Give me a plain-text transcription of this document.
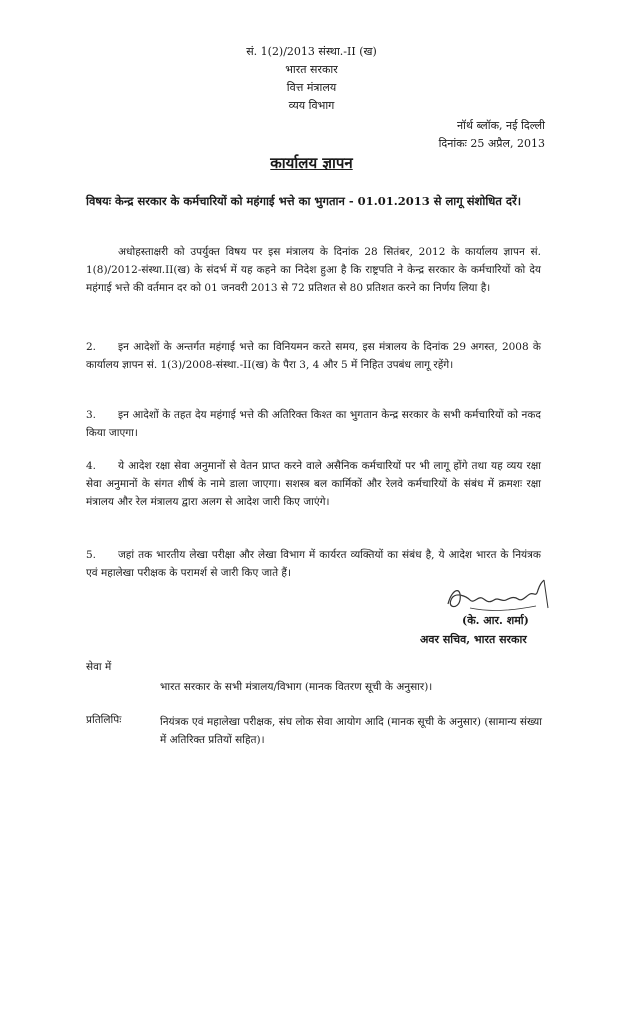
सं. 1(2)/2013 संस्था.-II (ख)
भारत सरकार
वित्त मंत्रालय
व्यय विभाग
नॉर्थ ब्लॉक, नई दिल्ली
दिनांकः 25 अप्रैल, 2013
कार्यालय ज्ञापन
विषयः केन्द्र सरकार के कर्मचारियों को महंगाई भत्ते का भुगतान - 01.01.2013 से लागू संशोधित दरें।
अधोहस्ताक्षरी को उपर्युक्त विषय पर इस मंत्रालय के दिनांक 28 सितंबर, 2012 के कार्यालय ज्ञापन सं. 1(8)/2012-संस्था.II(ख) के संदर्भ में यह कहने का निदेश हुआ है कि राष्ट्रपति ने केन्द्र सरकार के कर्मचारियों को देय महंगाई भत्ते की वर्तमान दर को 01 जनवरी 2013 से 72 प्रतिशत से 80 प्रतिशत करने का निर्णय लिया है।
2. इन आदेशों के अन्तर्गत महंगाई भत्ते का विनियमन करते समय, इस मंत्रालय के दिनांक 29 अगस्त, 2008 के कार्यालय ज्ञापन सं. 1(3)/2008-संस्था.-II(ख) के पैरा 3, 4 और 5 में निहित उपबंध लागू रहेंगे।
3. इन आदेशों के तहत देय महंगाई भत्ते की अतिरिक्त किश्त का भुगतान केन्द्र सरकार के सभी कर्मचारियों को नकद किया जाएगा।
4. ये आदेश रक्षा सेवा अनुमानों से वेतन प्राप्त करने वाले असैनिक कर्मचारियों पर भी लागू होंगे तथा यह व्यय रक्षा सेवा अनुमानों के संगत शीर्ष के नामे डाला जाएगा। सशस्त्र बल कार्मिकों और रेलवे कर्मचारियों के संबंध में क्रमशः रक्षा मंत्रालय और रेल मंत्रालय द्वारा अलग से आदेश जारी किए जाएंगे।
5. जहां तक भारतीय लेखा परीक्षा और लेखा विभाग में कार्यरत व्यक्तियों का संबंध है, ये आदेश भारत के नियंत्रक एवं महालेखा परीक्षक के परामर्श से जारी किए जाते हैं।
(के. आर. शर्मा)
अवर सचिव, भारत सरकार
सेवा में
भारत सरकार के सभी मंत्रालय/विभाग (मानक वितरण सूची के अनुसार)।
प्रतिलिपिः	नियंत्रक एवं महालेखा परीक्षक, संघ लोक सेवा आयोग आदि (मानक सूची के अनुसार) (सामान्य संख्या में अतिरिक्त प्रतियों सहित)।
